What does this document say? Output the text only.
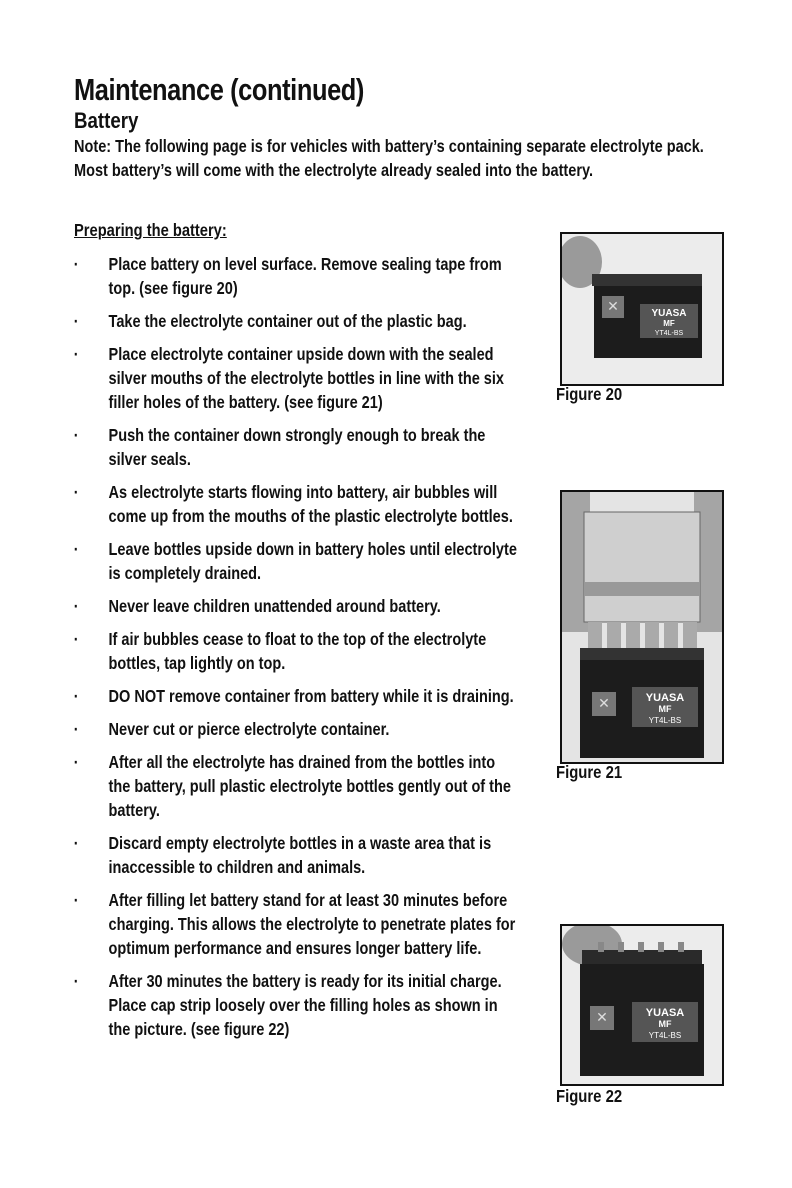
Maintenance (continued)
Battery
Note: The following page is for vehicles with battery’s containing separate electrolyte pack. Most battery’s will come with the electrolyte already sealed into the battery.
Preparing the battery:
· Place battery on level surface. Remove sealing tape from top. (see figure 20)
· Take the electrolyte container out of the plastic bag.
· Place electrolyte container upside down with the sealed silver mouths of the electrolyte bottles in line with the six filler holes of the battery. (see figure 21)
· Push the container down strongly enough to break the silver seals.
· As electrolyte starts flowing into battery, air bubbles will come up from the mouths of the plastic electrolyte bottles.
· Leave bottles upside down in battery holes until electrolyte is completely drained.
· Never leave children unattended around battery.
· If air bubbles cease to float to the top of the electrolyte bottles, tap lightly on top.
· DO NOT remove container from battery while it is draining.
· Never cut or pierce electrolyte container.
· After all the electrolyte has drained from the bottles into the battery, pull plastic electrolyte bottles gently out of the battery.
· Discard empty electrolyte bottles in a waste area that is inaccessible to children and animals.
· After filling let battery stand for at least 30 minutes before charging. This allows the electrolyte to penetrate plates for optimum performance and ensures longer battery life.
· After 30 minutes the battery is ready for its initial charge. Place cap strip loosely over the filling holes as shown in the picture. (see figure 22)
✕	YUASA
MF
YT4L-BS
Figure 20
✕	YUASA
MF
YT4L-BS
Figure 21
✕	YUASA
MF
YT4L-BS
Figure 22
